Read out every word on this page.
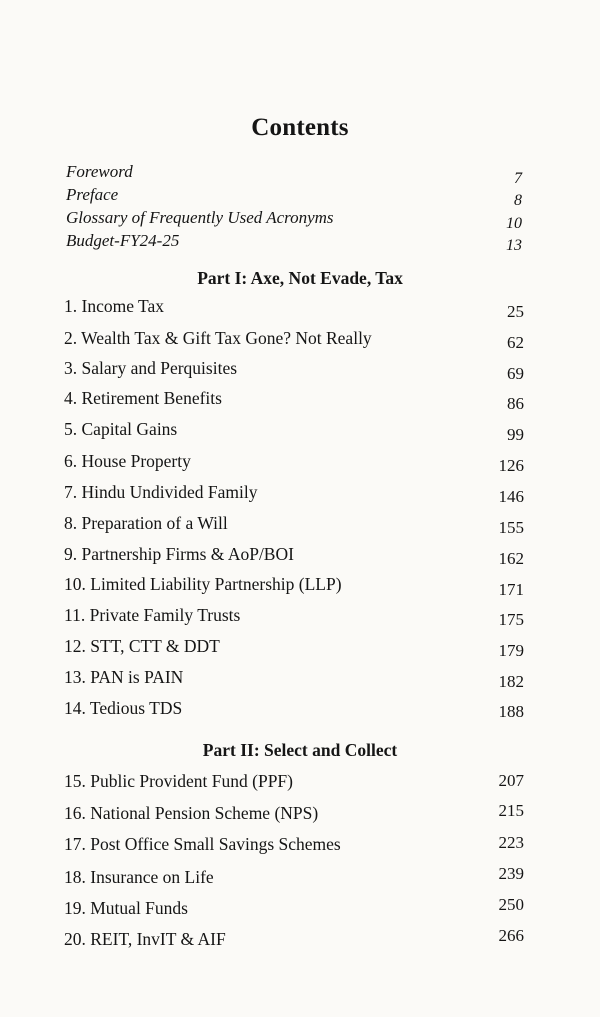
Contents
Foreword	7
Preface	8
Glossary of Frequently Used Acronyms	10
Budget-FY24-25	13
Part I: Axe, Not Evade, Tax
1. Income Tax	25
2. Wealth Tax & Gift Tax Gone? Not Really	62
3. Salary and Perquisites	69
4. Retirement Benefits	86
5. Capital Gains	99
6. House Property	126
7. Hindu Undivided Family	146
8. Preparation of a Will	155
9. Partnership Firms & AoP/BOI	162
10. Limited Liability Partnership (LLP)	171
11. Private Family Trusts	175
12. STT, CTT & DDT	179
13. PAN is PAIN	182
14. Tedious TDS	188
Part II: Select and Collect
15. Public Provident Fund (PPF)	207
16. National Pension Scheme (NPS)	215
17. Post Office Small Savings Schemes	223
18. Insurance on Life	239
19. Mutual Funds	250
20. REIT, InvIT & AIF	266
